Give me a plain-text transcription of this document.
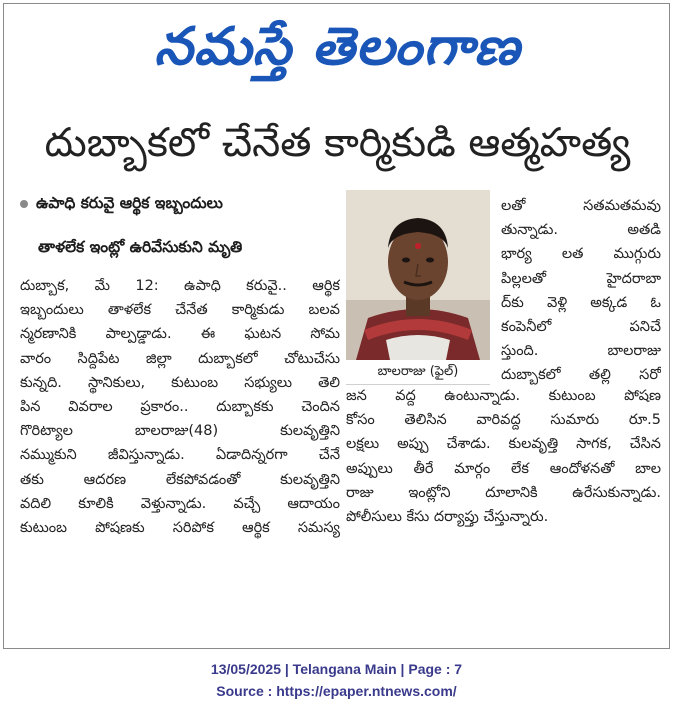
నమస్తే తెలంగాణ
దుబ్బాకలో చేనేత కార్మికుడి ఆత్మహత్య
ఉపాధి కరువై ఆర్థిక ఇబ్బందులు
తాళలేక ఇంట్లో ఉరివేసుకుని మృతి
దుబ్బాక, మే 12: ఉపాధి కరువై.. ఆర్థిక
ఇబ్బందులు తాళలేక చేనేత కార్మికుడు బలవ
న్మరణానికి పాల్పడ్డాడు. ఈ ఘటన సోమ
వారం సిద్దిపేట జిల్లా దుబ్బాకలో చోటుచేసు
కున్నది. స్థానికులు, కుటుంబ సభ్యులు తెలి
పిన వివరాల ప్రకారం.. దుబ్బాకకు చెందిన
గొరిట్యాల బాలరాజు(48) కులవృత్తిని
నమ్ముకుని జీవిస్తున్నాడు. ఏడాదిన్నరగా చేనే
తకు ఆదరణ లేకపోవడంతో కులవృత్తిని
వదిలి కూలికి వెళ్తున్నాడు. వచ్చే ఆదాయం
కుటుంబ పోషణకు సరిపోక ఆర్థిక సమస్య
బాలరాజు (ఫైల్)
లతో సతమతమవు
తున్నాడు. అతడి
భార్య లత ముగ్గురు
పిల్లలతో హైదరాబా
ద్‌కు వెళ్లి అక్కడ ఓ
కంపెనీలో పనిచే
స్తుంది. బాలరాజు
దుబ్బాకలో తల్లి సరో
జన వద్ద ఉంటున్నాడు. కుటుంబ పోషణ
కోసం తెలిసిన వారివద్ద సుమారు రూ.5
లక్షలు అప్పు చేశాడు. కులవృత్తి సాగక, చేసిన
అప్పులు తీరే మార్గం లేక ఆందోళనతో బాల
రాజు ఇంట్లోని దూలానికి ఉరేసుకున్నాడు.
పోలీసులు కేసు దర్యాప్తు చేస్తున్నారు.
13/05/2025 | Telangana Main | Page : 7
Source : https://epaper.ntnews.com/
